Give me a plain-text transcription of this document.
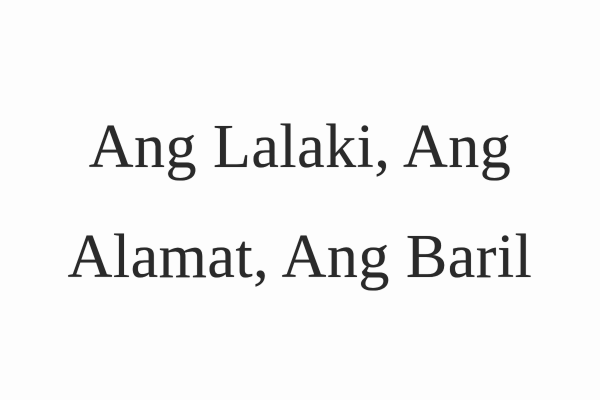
Ang Lalaki, Ang
Alamat, Ang Baril
